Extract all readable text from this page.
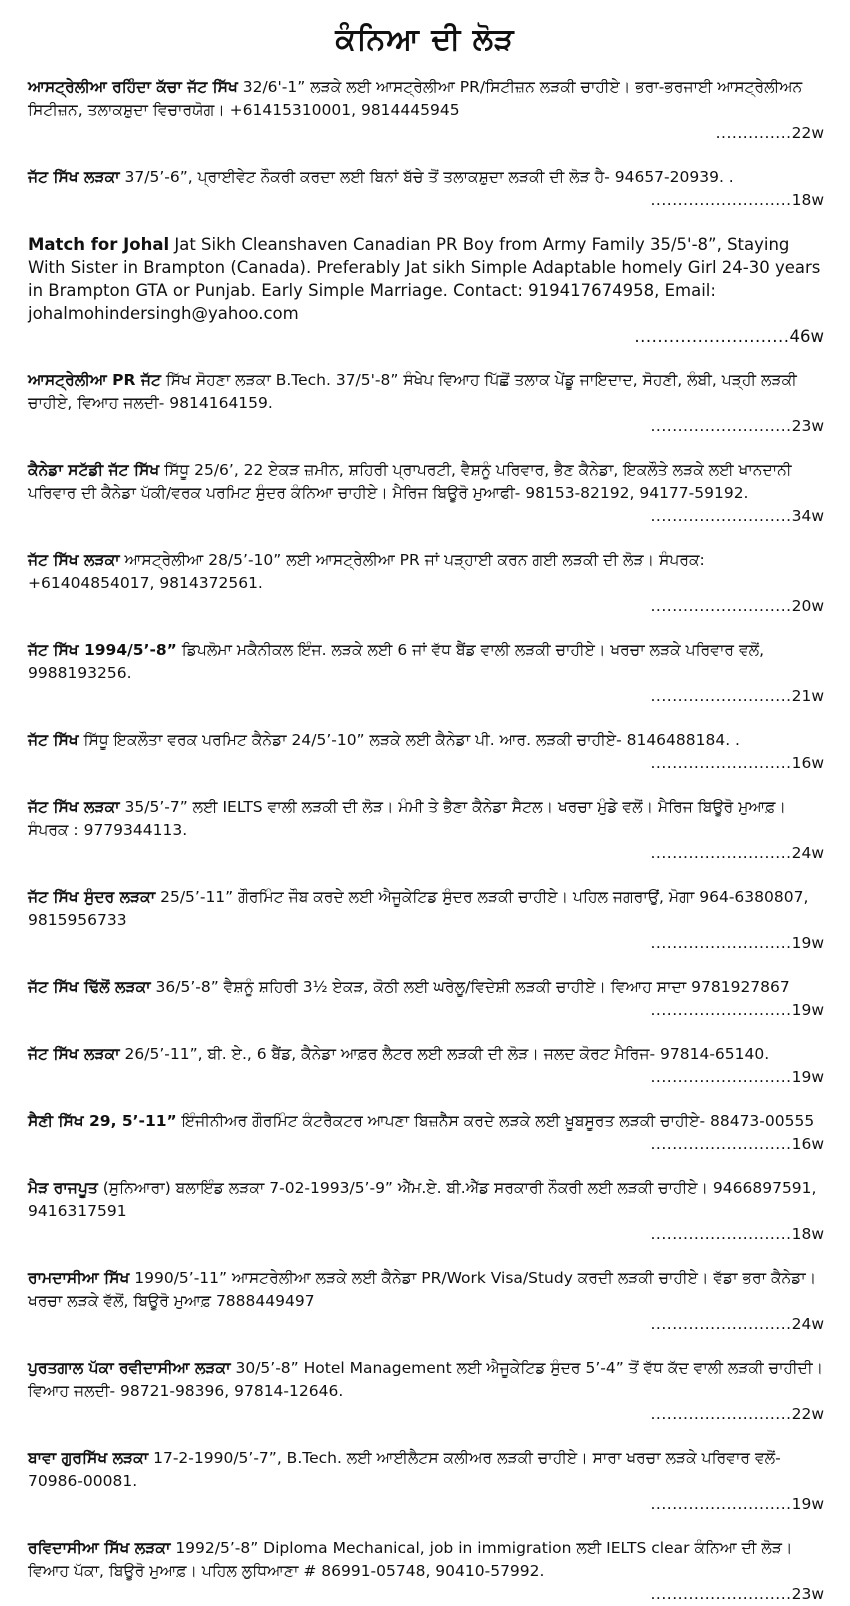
ਕੰਨਿਆ ਦੀ ਲੋੜ
ਆਸਟ੍ਰੇਲੀਆ ਰਹਿੰਦਾ ਕੱਚਾ ਜੱਟ ਸਿੱਖ 32/6'-1” ਲੜਕੇ ਲਈ ਆਸਟ੍ਰੇਲੀਆ PR/ਸਿਟੀਜ਼ਨ ਲੜਕੀ ਚਾਹੀਏ। ਭਰਾ-ਭਰਜਾਈ ਆਸਟ੍ਰੇਲੀਅਨ ਸਿਟੀਜ਼ਨ, ਤਲਾਕਸ਼ੁਦਾ ਵਿਚਾਰਯੋਗ। +61415310001, 9814445945
..............22w
ਜੱਟ ਸਿੱਖ ਲੜਕਾ 37/5’-6”, ਪ੍ਰਾਈਵੇਟ ਨੌਕਰੀ ਕਰਦਾ ਲਈ ਬਿਨਾਂ ਬੱਚੇ ਤੋਂ ਤਲਾਕਸ਼ੁਦਾ ਲੜਕੀ ਦੀ ਲੋੜ ਹੈ- 94657-20939. .
..........................18w
Match for Johal Jat Sikh Cleanshaven Canadian PR Boy from Army Family 35/5'-8”, Staying With Sister in Brampton (Canada). Preferably Jat sikh Simple Adaptable homely Girl 24-30 years in Brampton GTA or Punjab. Early Simple Marriage. Contact: 919417674958, Email: johalmohindersingh@yahoo.com
...........................46w
ਆਸਟ੍ਰੇਲੀਆ PR ਜੱਟ ਸਿੱਖ ਸੋਹਣਾ ਲੜਕਾ B.Tech. 37/5'-8” ਸੰਖੇਪ ਵਿਆਹ ਪਿੱਛੋਂ ਤਲਾਕ ਪੇਂਡੂ ਜਾਇਦਾਦ, ਸੋਹਣੀ, ਲੰਬੀ, ਪੜ੍ਹੀ ਲੜਕੀ ਚਾਹੀਏ, ਵਿਆਹ ਜਲਦੀ- 9814164159.
..........................23w
ਕੈਨੇਡਾ ਸਟੱਡੀ ਜੱਟ ਸਿੱਖ ਸਿੱਧੂ 25/6’, 22 ਏਕੜ ਜ਼ਮੀਨ, ਸ਼ਹਿਰੀ ਪ੍ਰਾਪਰਟੀ, ਵੈਸ਼ਨੂੰ ਪਰਿਵਾਰ, ਭੈਣ ਕੈਨੇਡਾ, ਇਕਲੌਤੇ ਲੜਕੇ ਲਈ ਖਾਨਦਾਨੀ ਪਰਿਵਾਰ ਦੀ ਕੈਨੇਡਾ ਪੱਕੀ/ਵਰਕ ਪਰਮਿਟ ਸੁੰਦਰ ਕੰਨਿਆ ਚਾਹੀਏ। ਮੈਰਿਜ ਬਿਊਰੋ ਮੁਆਫੀ- 98153-82192, 94177-59192.
..........................34w
ਜੱਟ ਸਿੱਖ ਲੜਕਾ ਆਸਟ੍ਰੇਲੀਆ 28/5’-10” ਲਈ ਆਸਟ੍ਰੇਲੀਆ PR ਜਾਂ ਪੜ੍ਹਾਈ ਕਰਨ ਗਈ ਲੜਕੀ ਦੀ ਲੋੜ। ਸੰਪਰਕ: +61404854017, 9814372561.
..........................20w
ਜੱਟ ਸਿੱਖ 1994/5’-8” ਡਿਪਲੋਮਾ ਮਕੈਨੀਕਲ ਇੰਜ. ਲੜਕੇ ਲਈ 6 ਜਾਂ ਵੱਧ ਬੈਂਡ ਵਾਲੀ ਲੜਕੀ ਚਾਹੀਏ। ਖਰਚਾ ਲੜਕੇ ਪਰਿਵਾਰ ਵਲੋਂ, 9988193256.
..........................21w
ਜੱਟ ਸਿੱਖ ਸਿੱਧੂ ਇਕਲੌਤਾ ਵਰਕ ਪਰਮਿਟ ਕੈਨੇਡਾ 24/5’-10” ਲੜਕੇ ਲਈ ਕੈਨੇਡਾ ਪੀ. ਆਰ. ਲੜਕੀ ਚਾਹੀਏ- 8146488184. .
..........................16w
ਜੱਟ ਸਿੱਖ ਲੜਕਾ 35/5’-7” ਲਈ IELTS ਵਾਲੀ ਲੜਕੀ ਦੀ ਲੋੜ। ਮੰਮੀ ਤੇ ਭੈਣਾ ਕੈਨੇਡਾ ਸੈਟਲ। ਖਰਚਾ ਮੁੰਡੇ ਵਲੋਂ। ਮੈਰਿਜ ਬਿਊਰੋ ਮੁਆਫ਼। ਸੰਪਰਕ : 9779344113.
..........................24w
ਜੱਟ ਸਿੱਖ ਸੁੰਦਰ ਲੜਕਾ 25/5’-11” ਗੌਰਮਿੰਟ ਜੌਬ ਕਰਦੇ ਲਈ ਐਜੂਕੇਟਿਡ ਸੁੰਦਰ ਲੜਕੀ ਚਾਹੀਏ। ਪਹਿਲ ਜਗਰਾਉਂ, ਮੋਗਾ 964-6380807, 9815956733
..........................19w
ਜੱਟ ਸਿੱਖ ਢਿੱਲੋਂ ਲੜਕਾ 36/5’-8” ਵੈਸ਼ਨੂੰ ਸ਼ਹਿਰੀ 3½ ਏਕੜ, ਕੋਠੀ ਲਈ ਘਰੇਲੂ/ਵਿਦੇਸ਼ੀ ਲੜਕੀ ਚਾਹੀਏ। ਵਿਆਹ ਸਾਦਾ 9781927867
..........................19w
ਜੱਟ ਸਿੱਖ ਲੜਕਾ 26/5’-11”, ਬੀ. ਏ., 6 ਬੈਂਡ, ਕੈਨੇਡਾ ਆਫ਼ਰ ਲੈਟਰ ਲਈ ਲੜਕੀ ਦੀ ਲੋੜ। ਜਲਦ ਕੋਰਟ ਮੈਰਿਜ- 97814-65140.
..........................19w
ਸੈਣੀ ਸਿੱਖ 29, 5’-11” ਇੰਜੀਨੀਅਰ ਗੌਰਮਿੰਟ ਕੰਟਰੈਕਟਰ ਆਪਣਾ ਬਿਜ਼ਨੈੱਸ ਕਰਦੇ ਲੜਕੇ ਲਈ ਖ਼ੂਬਸੂਰਤ ਲੜਕੀ ਚਾਹੀਏ- 88473-00555
..........................16w
ਮੈੜ ਰਾਜਪੂਤ (ਸੁਨਿਆਰਾ) ਬਲਾਇੰਡ ਲੜਕਾ 7-02-1993/5’-9” ਐੱਮ.ਏ. ਬੀ.ਐੱਡ ਸਰਕਾਰੀ ਨੌਕਰੀ ਲਈ ਲੜਕੀ ਚਾਹੀਏ। 9466897591, 9416317591
..........................18w
ਰਾਮਦਾਸੀਆ ਸਿੱਖ 1990/5’-11” ਆਸਟਰੇਲੀਆ ਲੜਕੇ ਲਈ ਕੈਨੇਡਾ PR/Work Visa/Study ਕਰਦੀ ਲੜਕੀ ਚਾਹੀਏ। ਵੱਡਾ ਭਰਾ ਕੈਨੇਡਾ। ਖਰਚਾ ਲੜਕੇ ਵੱਲੋਂ, ਬਿਊਰੋ ਮੁਆਫ਼ 7888449497
..........................24w
ਪੁਰਤਗਾਲ ਪੱਕਾ ਰਵੀਦਾਸੀਆ ਲੜਕਾ 30/5’-8” Hotel Management ਲਈ ਐਜੂਕੇਟਿਡ ਸੁੰਦਰ 5’-4” ਤੋਂ ਵੱਧ ਕੱਦ ਵਾਲੀ ਲੜਕੀ ਚਾਹੀਦੀ। ਵਿਆਹ ਜਲਦੀ- 98721-98396, 97814-12646.
..........................22w
ਬਾਵਾ ਗੁਰਸਿੱਖ ਲੜਕਾ 17-2-1990/5’-7”, B.Tech. ਲਈ ਆਈਲੈਟਸ ਕਲੀਅਰ ਲੜਕੀ ਚਾਹੀਏ। ਸਾਰਾ ਖਰਚਾ ਲੜਕੇ ਪਰਿਵਾਰ ਵਲੋਂ- 70986-00081.
..........................19w
ਰਵਿਦਾਸੀਆ ਸਿੱਖ ਲੜਕਾ 1992/5’-8” Diploma Mechanical, job in immigration ਲਈ IELTS clear ਕੰਨਿਆ ਦੀ ਲੋੜ। ਵਿਆਹ ਪੱਕਾ, ਬਿਊਰੋ ਮੁਆਫ਼। ਪਹਿਲ ਲੁਧਿਆਣਾ # 86991-05748, 90410-57992.
..........................23w
